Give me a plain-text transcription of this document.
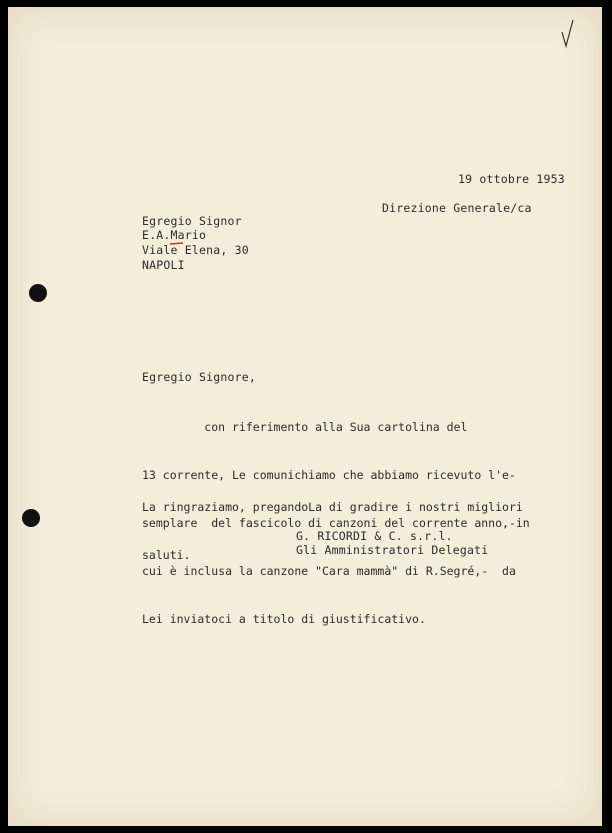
19 ottobre 1953

Direzione Generale/ca

Egregio Signor

E.A.Mario

Viale Elena, 30

NAPOLI

Egregio Signore,

con riferimento alla Sua cartolina del

13 corrente, Le comunichiamo che abbiamo ricevuto l'e-

semplare  del fascicolo di canzoni del corrente anno,-in

cui è inclusa la canzone "Cara mammà" di R.Segré,-  da

Lei inviatoci a titolo di giustificativo.

La ringraziamo, pregandoLa di gradire i nostri migliori

saluti.

G. RICORDI & C. s.r.l.

Gli Amministratori Delegati
